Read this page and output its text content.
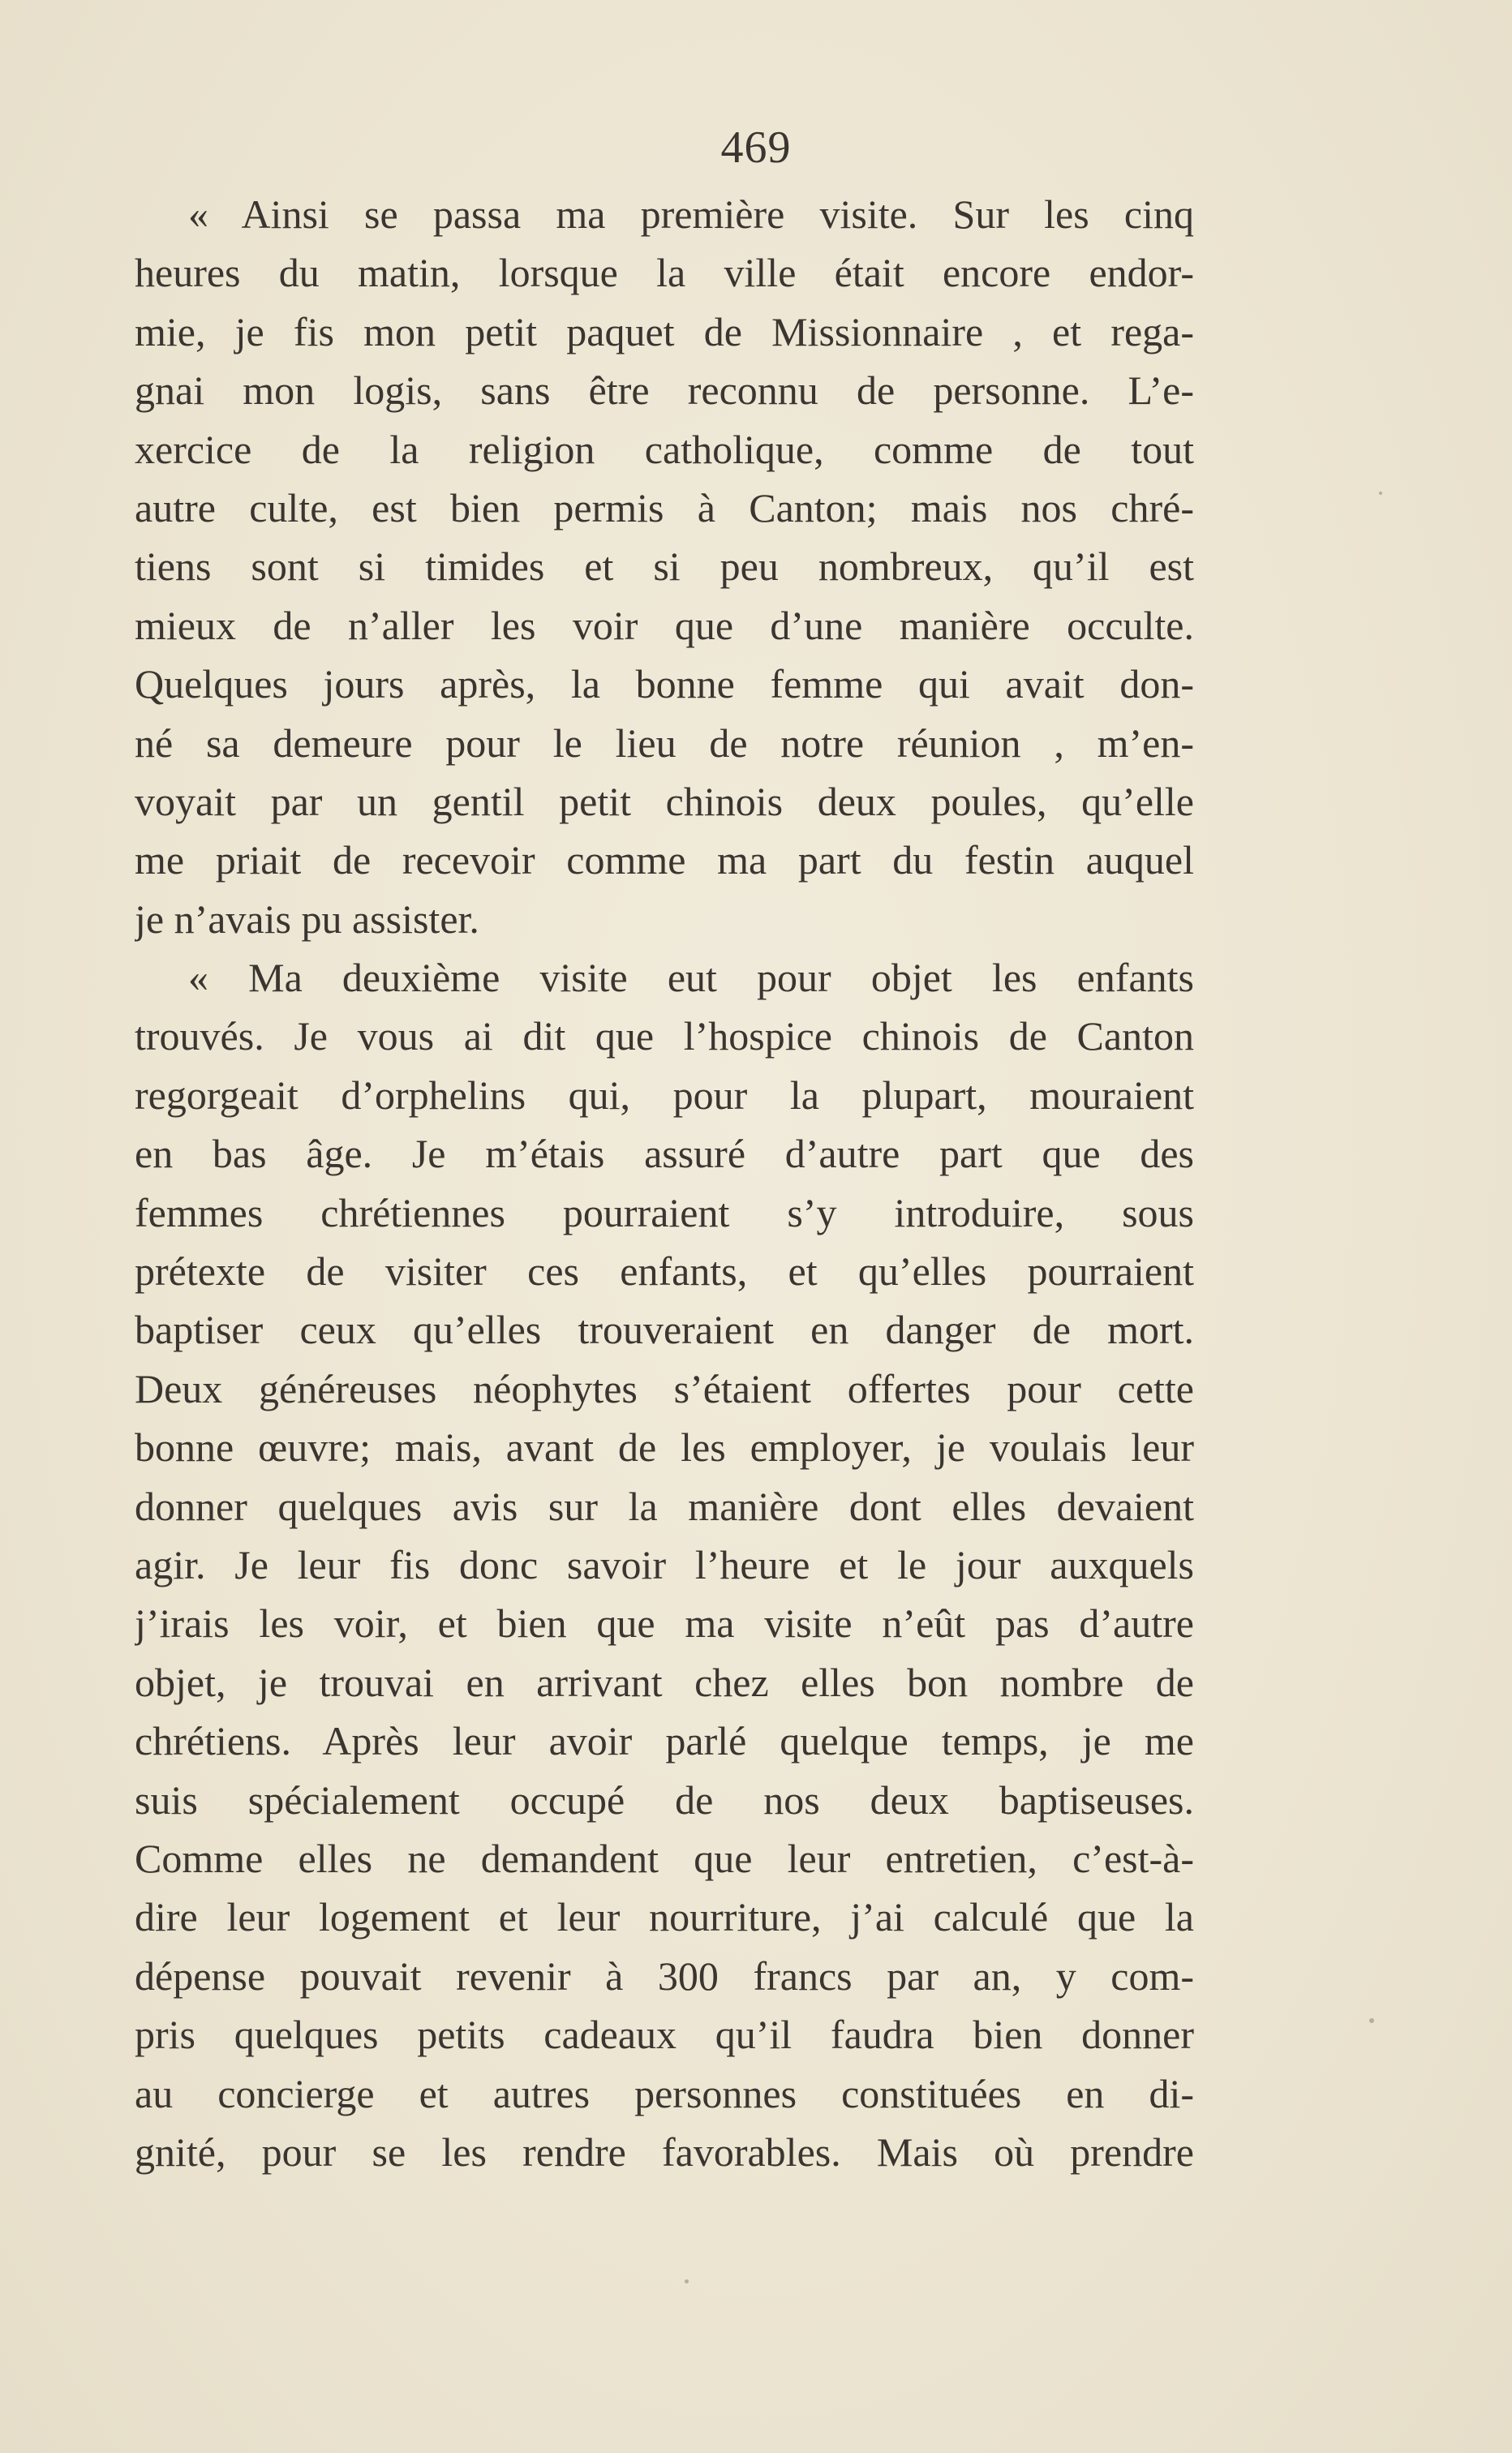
469
« Ainsi se passa ma première visite. Sur les cinq
heures du matin, lorsque la ville était encore endor-
mie, je fis mon petit paquet de Missionnaire , et rega-
gnai mon logis, sans être reconnu de personne. L’e-
xercice de la religion catholique, comme de tout
autre culte, est bien permis à Canton; mais nos chré-
tiens sont si timides et si peu nombreux, qu’il est
mieux de n’aller les voir que d’une manière occulte.
Quelques jours après, la bonne femme qui avait don-
né sa demeure pour le lieu de notre réunion , m’en-
voyait par un gentil petit chinois deux poules, qu’elle
me priait de recevoir comme ma part du festin auquel
je n’avais pu assister.
« Ma deuxième visite eut pour objet les enfants
trouvés. Je vous ai dit que l’hospice chinois de Canton
regorgeait d’orphelins qui, pour la plupart, mouraient
en bas âge. Je m’étais assuré d’autre part que des
femmes chrétiennes pourraient s’y introduire, sous
prétexte de visiter ces enfants, et qu’elles pourraient
baptiser ceux qu’elles trouveraient en danger de mort.
Deux généreuses néophytes s’étaient offertes pour cette
bonne œuvre; mais, avant de les employer, je voulais leur
donner quelques avis sur la manière dont elles devaient
agir. Je leur fis donc savoir l’heure et le jour auxquels
j’irais les voir, et bien que ma visite n’eût pas d’autre
objet, je trouvai en arrivant chez elles bon nombre de
chrétiens. Après leur avoir parlé quelque temps, je me
suis spécialement occupé de nos deux baptiseuses.
Comme elles ne demandent que leur entretien, c’est-à-
dire leur logement et leur nourriture, j’ai calculé que la
dépense pouvait revenir à 300 francs par an, y com-
pris quelques petits cadeaux qu’il faudra bien donner
au concierge et autres personnes constituées en di-
gnité, pour se les rendre favorables. Mais où prendre
